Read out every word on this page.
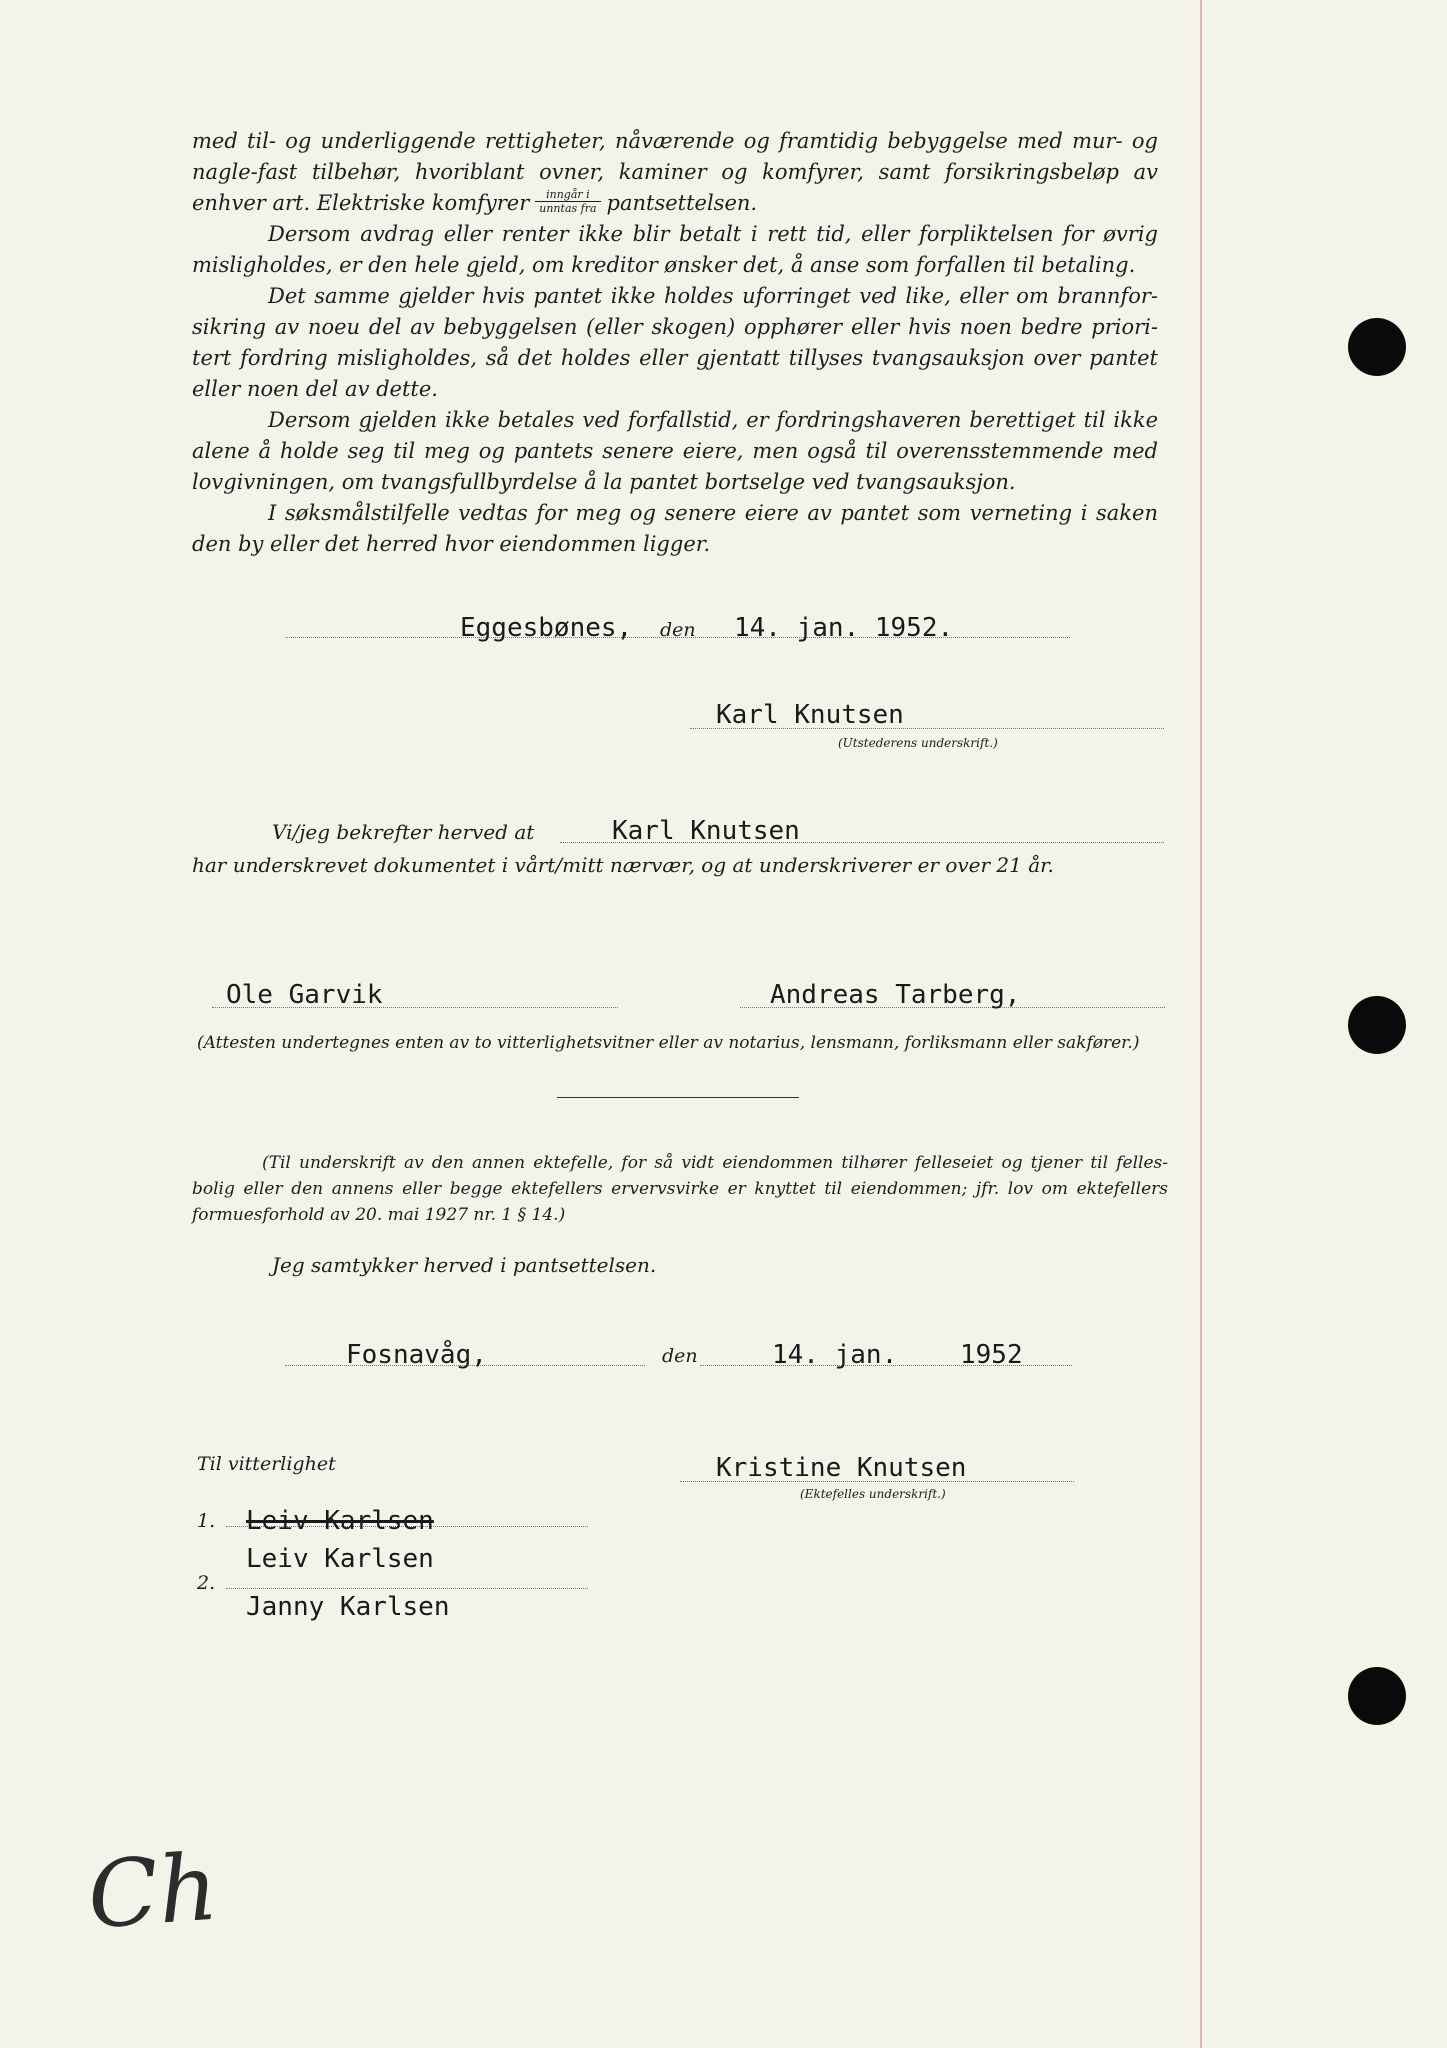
med til- og underliggende rettigheter, nåværende og framtidig bebyggelse med mur- og nagle-fast tilbehør, hvoriblant ovner, kaminer og komfyrer, samt forsikringsbeløp av enhver art. Elektriske komfyrer $\frac{\text{inngår i}}{\text{unntas fra}}$ pantsettelsen.

Dersom avdrag eller renter ikke blir betalt i rett tid, eller forpliktelsen for øvrig misligholdes, er den hele gjeld, om kreditor ønsker det, å anse som forfallen til betaling.

Det samme gjelder hvis pantet ikke holdes uforringet ved like, eller om brannfor-sikring av noeu del av bebyggelsen (eller skogen) opphører eller hvis noen bedre priori-tert fordring misligholdes, så det holdes eller gjentatt tillyses tvangsauksjon over pantet eller noen del av dette.

Dersom gjelden ikke betales ved forfallstid, er fordringshaveren berettiget til ikke alene å holde seg til meg og pantets senere eiere, men også til overensstemmende med lovgivningen, om tvangsfullbyrdelse å la pantet bortselge ved tvangsauksjon.

I søksmålstilfelle vedtas for meg og senere eiere av pantet som verneting i saken den by eller det herred hvor eiendommen ligger.

Eggesbønes, den 14. jan. 1952.
Karl Knutsen
(Utstederens underskrift.)
Vi/jeg bekrefter herved at	Karl Knutsen
har underskrevet dokumentet i vårt/mitt nærvær, og at underskriverer er over 21 år.
Ole Garvik	Andreas Tarberg,
(Attesten undertegnes enten av to vitterlighetsvitner eller av notarius, lensmann, forliksmann eller sakfører.)
(Til underskrift av den annen ektefelle, for så vidt eiendommen tilhører felleseiet og tjener til felles-bolig eller den annens eller begge ektefellers ervervsvirke er knyttet til eiendommen; jfr. lov om ektefellers formuesforhold av 20. mai 1927 nr. 1 § 14.)
Jeg samtykker herved i pantsettelsen.
Fosnavåg,	den	14. jan. 1952
Til vitterlighet	Kristine Knutsen
(Ektefelles underskrift.)
1. Leiv Karlsen
Leiv Karlsen
2.
Janny Karlsen
Ch
